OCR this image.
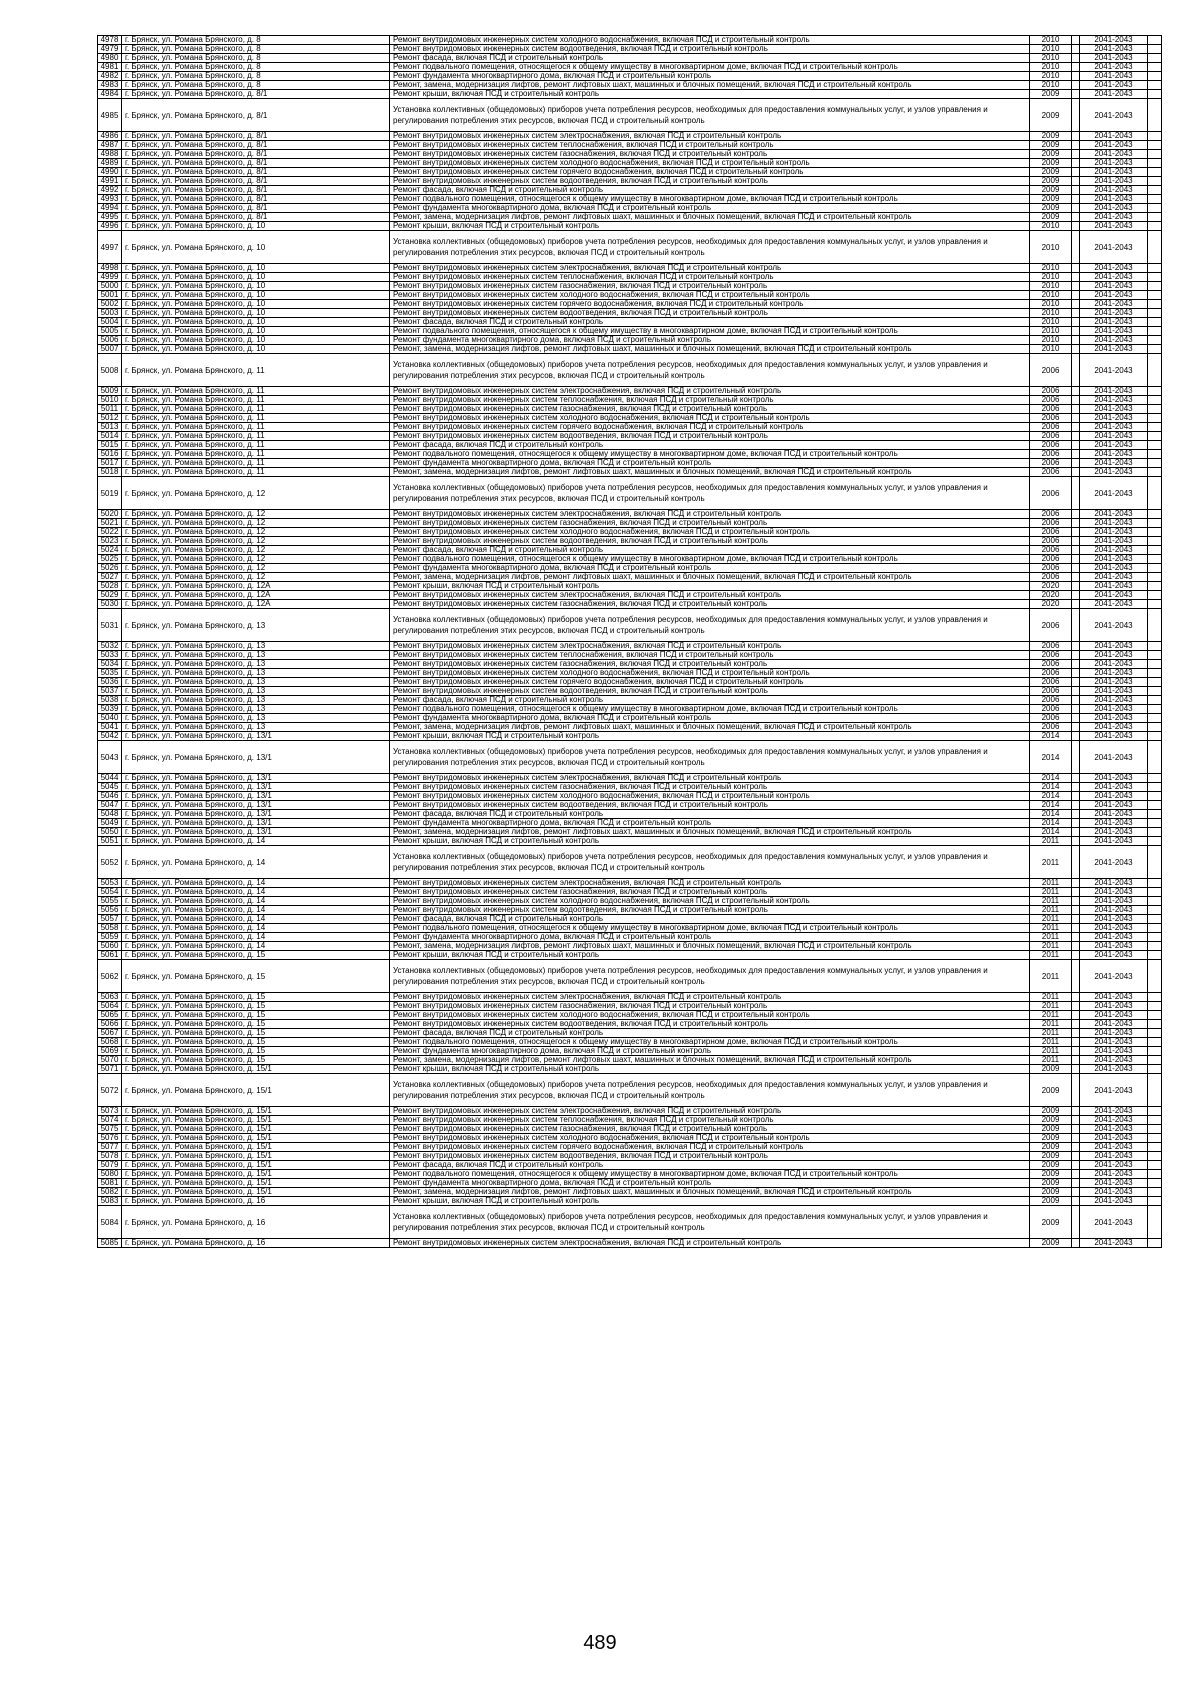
4978	г. Брянск, ул. Романа Брянского, д. 8	Ремонт внутридомовых инженерных систем холодного водоснабжения, включая ПСД и строительный контроль	2010		2041-2043	
4979	г. Брянск, ул. Романа Брянского, д. 8	Ремонт внутридомовых инженерных систем водоотведения, включая ПСД и строительный контроль	2010		2041-2043	
4980	г. Брянск, ул. Романа Брянского, д. 8	Ремонт фасада, включая ПСД и строительный контроль	2010		2041-2043	
4981	г. Брянск, ул. Романа Брянского, д. 8	Ремонт подвального помещения, относящегося к общему имуществу в многоквартирном доме, включая ПСД и строительный контроль	2010		2041-2043	
4982	г. Брянск, ул. Романа Брянского, д. 8	Ремонт фундамента многоквартирного дома, включая ПСД и строительный контроль	2010		2041-2043	
4983	г. Брянск, ул. Романа Брянского, д. 8	Ремонт, замена, модернизация лифтов, ремонт лифтовых шахт, машинных и блочных помещений, включая ПСД и строительный контроль	2010		2041-2043	
4984	г. Брянск, ул. Романа Брянского, д. 8/1	Ремонт крыши, включая ПСД и строительный контроль	2009		2041-2043	
4985	г. Брянск, ул. Романа Брянского, д. 8/1	Установка коллективных (общедомовых) приборов учета потребления ресурсов, необходимых для предоставления коммунальных услуг, и узлов управления и регулирования потребления этих ресурсов, включая ПСД и строительный контроль	2009		2041-2043	
4986	г. Брянск, ул. Романа Брянского, д. 8/1	Ремонт внутридомовых инженерных систем электроснабжения, включая ПСД и строительный контроль	2009		2041-2043	
4987	г. Брянск, ул. Романа Брянского, д. 8/1	Ремонт внутридомовых инженерных систем теплоснабжения, включая ПСД и строительный контроль	2009		2041-2043	
4988	г. Брянск, ул. Романа Брянского, д. 8/1	Ремонт внутридомовых инженерных систем газоснабжения, включая ПСД и строительный контроль	2009		2041-2043	
4989	г. Брянск, ул. Романа Брянского, д. 8/1	Ремонт внутридомовых инженерных систем холодного водоснабжения, включая ПСД и строительный контроль	2009		2041-2043	
4990	г. Брянск, ул. Романа Брянского, д. 8/1	Ремонт внутридомовых инженерных систем горячего водоснабжения, включая ПСД и строительный контроль	2009		2041-2043	
4991	г. Брянск, ул. Романа Брянского, д. 8/1	Ремонт внутридомовых инженерных систем водоотведения, включая ПСД и строительный контроль	2009		2041-2043	
4992	г. Брянск, ул. Романа Брянского, д. 8/1	Ремонт фасада, включая ПСД и строительный контроль	2009		2041-2043	
4993	г. Брянск, ул. Романа Брянского, д. 8/1	Ремонт подвального помещения, относящегося к общему имуществу в многоквартирном доме, включая ПСД и строительный контроль	2009		2041-2043	
4994	г. Брянск, ул. Романа Брянского, д. 8/1	Ремонт фундамента многоквартирного дома, включая ПСД и строительный контроль	2009		2041-2043	
4995	г. Брянск, ул. Романа Брянского, д. 8/1	Ремонт, замена, модернизация лифтов, ремонт лифтовых шахт, машинных и блочных помещений, включая ПСД и строительный контроль	2009		2041-2043	
4996	г. Брянск, ул. Романа Брянского, д. 10	Ремонт крыши, включая ПСД и строительный контроль	2010		2041-2043	
4997	г. Брянск, ул. Романа Брянского, д. 10	Установка коллективных (общедомовых) приборов учета потребления ресурсов, необходимых для предоставления коммунальных услуг, и узлов управления и регулирования потребления этих ресурсов, включая ПСД и строительный контроль	2010		2041-2043	
4998	г. Брянск, ул. Романа Брянского, д. 10	Ремонт внутридомовых инженерных систем электроснабжения, включая ПСД и строительный контроль	2010		2041-2043	
4999	г. Брянск, ул. Романа Брянского, д. 10	Ремонт внутридомовых инженерных систем теплоснабжения, включая ПСД и строительный контроль	2010		2041-2043	
5000	г. Брянск, ул. Романа Брянского, д. 10	Ремонт внутридомовых инженерных систем газоснабжения, включая ПСД и строительный контроль	2010		2041-2043	
5001	г. Брянск, ул. Романа Брянского, д. 10	Ремонт внутридомовых инженерных систем холодного водоснабжения, включая ПСД и строительный контроль	2010		2041-2043	
5002	г. Брянск, ул. Романа Брянского, д. 10	Ремонт внутридомовых инженерных систем горячего водоснабжения, включая ПСД и строительный контроль	2010		2041-2043	
5003	г. Брянск, ул. Романа Брянского, д. 10	Ремонт внутридомовых инженерных систем водоотведения, включая ПСД и строительный контроль	2010		2041-2043	
5004	г. Брянск, ул. Романа Брянского, д. 10	Ремонт фасада, включая ПСД и строительный контроль	2010		2041-2043	
5005	г. Брянск, ул. Романа Брянского, д. 10	Ремонт подвального помещения, относящегося к общему имуществу в многоквартирном доме, включая ПСД и строительный контроль	2010		2041-2043	
5006	г. Брянск, ул. Романа Брянского, д. 10	Ремонт фундамента многоквартирного дома, включая ПСД и строительный контроль	2010		2041-2043	
5007	г. Брянск, ул. Романа Брянского, д. 10	Ремонт, замена, модернизация лифтов, ремонт лифтовых шахт, машинных и блочных помещений, включая ПСД и строительный контроль	2010		2041-2043	
5008	г. Брянск, ул. Романа Брянского, д. 11	Установка коллективных (общедомовых) приборов учета потребления ресурсов, необходимых для предоставления коммунальных услуг, и узлов управления и регулирования потребления этих ресурсов, включая ПСД и строительный контроль	2006		2041-2043	
5009	г. Брянск, ул. Романа Брянского, д. 11	Ремонт внутридомовых инженерных систем электроснабжения, включая ПСД и строительный контроль	2006		2041-2043	
5010	г. Брянск, ул. Романа Брянского, д. 11	Ремонт внутридомовых инженерных систем теплоснабжения, включая ПСД и строительный контроль	2006		2041-2043	
5011	г. Брянск, ул. Романа Брянского, д. 11	Ремонт внутридомовых инженерных систем газоснабжения, включая ПСД и строительный контроль	2006		2041-2043	
5012	г. Брянск, ул. Романа Брянского, д. 11	Ремонт внутридомовых инженерных систем холодного водоснабжения, включая ПСД и строительный контроль	2006		2041-2043	
5013	г. Брянск, ул. Романа Брянского, д. 11	Ремонт внутридомовых инженерных систем горячего водоснабжения, включая ПСД и строительный контроль	2006		2041-2043	
5014	г. Брянск, ул. Романа Брянского, д. 11	Ремонт внутридомовых инженерных систем водоотведения, включая ПСД и строительный контроль	2006		2041-2043	
5015	г. Брянск, ул. Романа Брянского, д. 11	Ремонт фасада, включая ПСД и строительный контроль	2006		2041-2043	
5016	г. Брянск, ул. Романа Брянского, д. 11	Ремонт подвального помещения, относящегося к общему имуществу в многоквартирном доме, включая ПСД и строительный контроль	2006		2041-2043	
5017	г. Брянск, ул. Романа Брянского, д. 11	Ремонт фундамента многоквартирного дома, включая ПСД и строительный контроль	2006		2041-2043	
5018	г. Брянск, ул. Романа Брянского, д. 11	Ремонт, замена, модернизация лифтов, ремонт лифтовых шахт, машинных и блочных помещений, включая ПСД и строительный контроль	2006		2041-2043	
5019	г. Брянск, ул. Романа Брянского, д. 12	Установка коллективных (общедомовых) приборов учета потребления ресурсов, необходимых для предоставления коммунальных услуг, и узлов управления и регулирования потребления этих ресурсов, включая ПСД и строительный контроль	2006		2041-2043	
5020	г. Брянск, ул. Романа Брянского, д. 12	Ремонт внутридомовых инженерных систем электроснабжения, включая ПСД и строительный контроль	2006		2041-2043	
5021	г. Брянск, ул. Романа Брянского, д. 12	Ремонт внутридомовых инженерных систем газоснабжения, включая ПСД и строительный контроль	2006		2041-2043	
5022	г. Брянск, ул. Романа Брянского, д. 12	Ремонт внутридомовых инженерных систем холодного водоснабжения, включая ПСД и строительный контроль	2006		2041-2043	
5023	г. Брянск, ул. Романа Брянского, д. 12	Ремонт внутридомовых инженерных систем водоотведения, включая ПСД и строительный контроль	2006		2041-2043	
5024	г. Брянск, ул. Романа Брянского, д. 12	Ремонт фасада, включая ПСД и строительный контроль	2006		2041-2043	
5025	г. Брянск, ул. Романа Брянского, д. 12	Ремонт подвального помещения, относящегося к общему имуществу в многоквартирном доме, включая ПСД и строительный контроль	2006		2041-2043	
5026	г. Брянск, ул. Романа Брянского, д. 12	Ремонт фундамента многоквартирного дома, включая ПСД и строительный контроль	2006		2041-2043	
5027	г. Брянск, ул. Романа Брянского, д. 12	Ремонт, замена, модернизация лифтов, ремонт лифтовых шахт, машинных и блочных помещений, включая ПСД и строительный контроль	2006		2041-2043	
5028	г. Брянск, ул. Романа Брянского, д. 12А	Ремонт крыши, включая ПСД и строительный контроль	2020		2041-2043	
5029	г. Брянск, ул. Романа Брянского, д. 12А	Ремонт внутридомовых инженерных систем электроснабжения, включая ПСД и строительный контроль	2020		2041-2043	
5030	г. Брянск, ул. Романа Брянского, д. 12А	Ремонт внутридомовых инженерных систем газоснабжения, включая ПСД и строительный контроль	2020		2041-2043	
5031	г. Брянск, ул. Романа Брянского, д. 13	Установка коллективных (общедомовых) приборов учета потребления ресурсов, необходимых для предоставления коммунальных услуг, и узлов управления и регулирования потребления этих ресурсов, включая ПСД и строительный контроль	2006		2041-2043	
5032	г. Брянск, ул. Романа Брянского, д. 13	Ремонт внутридомовых инженерных систем электроснабжения, включая ПСД и строительный контроль	2006		2041-2043	
5033	г. Брянск, ул. Романа Брянского, д. 13	Ремонт внутридомовых инженерных систем теплоснабжения, включая ПСД и строительный контроль	2006		2041-2043	
5034	г. Брянск, ул. Романа Брянского, д. 13	Ремонт внутридомовых инженерных систем газоснабжения, включая ПСД и строительный контроль	2006		2041-2043	
5035	г. Брянск, ул. Романа Брянского, д. 13	Ремонт внутридомовых инженерных систем холодного водоснабжения, включая ПСД и строительный контроль	2006		2041-2043	
5036	г. Брянск, ул. Романа Брянского, д. 13	Ремонт внутридомовых инженерных систем горячего водоснабжения, включая ПСД и строительный контроль	2006		2041-2043	
5037	г. Брянск, ул. Романа Брянского, д. 13	Ремонт внутридомовых инженерных систем водоотведения, включая ПСД и строительный контроль	2006		2041-2043	
5038	г. Брянск, ул. Романа Брянского, д. 13	Ремонт фасада, включая ПСД и строительный контроль	2006		2041-2043	
5039	г. Брянск, ул. Романа Брянского, д. 13	Ремонт подвального помещения, относящегося к общему имуществу в многоквартирном доме, включая ПСД и строительный контроль	2006		2041-2043	
5040	г. Брянск, ул. Романа Брянского, д. 13	Ремонт фундамента многоквартирного дома, включая ПСД и строительный контроль	2006		2041-2043	
5041	г. Брянск, ул. Романа Брянского, д. 13	Ремонт, замена, модернизация лифтов, ремонт лифтовых шахт, машинных и блочных помещений, включая ПСД и строительный контроль	2006		2041-2043	
5042	г. Брянск, ул. Романа Брянского, д. 13/1	Ремонт крыши, включая ПСД и строительный контроль	2014		2041-2043	
5043	г. Брянск, ул. Романа Брянского, д. 13/1	Установка коллективных (общедомовых) приборов учета потребления ресурсов, необходимых для предоставления коммунальных услуг, и узлов управления и регулирования потребления этих ресурсов, включая ПСД и строительный контроль	2014		2041-2043	
5044	г. Брянск, ул. Романа Брянского, д. 13/1	Ремонт внутридомовых инженерных систем электроснабжения, включая ПСД и строительный контроль	2014		2041-2043	
5045	г. Брянск, ул. Романа Брянского, д. 13/1	Ремонт внутридомовых инженерных систем газоснабжения, включая ПСД и строительный контроль	2014		2041-2043	
5046	г. Брянск, ул. Романа Брянского, д. 13/1	Ремонт внутридомовых инженерных систем холодного водоснабжения, включая ПСД и строительный контроль	2014		2041-2043	
5047	г. Брянск, ул. Романа Брянского, д. 13/1	Ремонт внутридомовых инженерных систем водоотведения, включая ПСД и строительный контроль	2014		2041-2043	
5048	г. Брянск, ул. Романа Брянского, д. 13/1	Ремонт фасада, включая ПСД и строительный контроль	2014		2041-2043	
5049	г. Брянск, ул. Романа Брянского, д. 13/1	Ремонт фундамента многоквартирного дома, включая ПСД и строительный контроль	2014		2041-2043	
5050	г. Брянск, ул. Романа Брянского, д. 13/1	Ремонт, замена, модернизация лифтов, ремонт лифтовых шахт, машинных и блочных помещений, включая ПСД и строительный контроль	2014		2041-2043	
5051	г. Брянск, ул. Романа Брянского, д. 14	Ремонт крыши, включая ПСД и строительный контроль	2011		2041-2043	
5052	г. Брянск, ул. Романа Брянского, д. 14	Установка коллективных (общедомовых) приборов учета потребления ресурсов, необходимых для предоставления коммунальных услуг, и узлов управления и регулирования потребления этих ресурсов, включая ПСД и строительный контроль	2011		2041-2043	
5053	г. Брянск, ул. Романа Брянского, д. 14	Ремонт внутридомовых инженерных систем электроснабжения, включая ПСД и строительный контроль	2011		2041-2043	
5054	г. Брянск, ул. Романа Брянского, д. 14	Ремонт внутридомовых инженерных систем газоснабжения, включая ПСД и строительный контроль	2011		2041-2043	
5055	г. Брянск, ул. Романа Брянского, д. 14	Ремонт внутридомовых инженерных систем холодного водоснабжения, включая ПСД и строительный контроль	2011		2041-2043	
5056	г. Брянск, ул. Романа Брянского, д. 14	Ремонт внутридомовых инженерных систем водоотведения, включая ПСД и строительный контроль	2011		2041-2043	
5057	г. Брянск, ул. Романа Брянского, д. 14	Ремонт фасада, включая ПСД и строительный контроль	2011		2041-2043	
5058	г. Брянск, ул. Романа Брянского, д. 14	Ремонт подвального помещения, относящегося к общему имуществу в многоквартирном доме, включая ПСД и строительный контроль	2011		2041-2043	
5059	г. Брянск, ул. Романа Брянского, д. 14	Ремонт фундамента многоквартирного дома, включая ПСД и строительный контроль	2011		2041-2043	
5060	г. Брянск, ул. Романа Брянского, д. 14	Ремонт, замена, модернизация лифтов, ремонт лифтовых шахт, машинных и блочных помещений, включая ПСД и строительный контроль	2011		2041-2043	
5061	г. Брянск, ул. Романа Брянского, д. 15	Ремонт крыши, включая ПСД и строительный контроль	2011		2041-2043	
5062	г. Брянск, ул. Романа Брянского, д. 15	Установка коллективных (общедомовых) приборов учета потребления ресурсов, необходимых для предоставления коммунальных услуг, и узлов управления и регулирования потребления этих ресурсов, включая ПСД и строительный контроль	2011		2041-2043	
5063	г. Брянск, ул. Романа Брянского, д. 15	Ремонт внутридомовых инженерных систем электроснабжения, включая ПСД и строительный контроль	2011		2041-2043	
5064	г. Брянск, ул. Романа Брянского, д. 15	Ремонт внутридомовых инженерных систем газоснабжения, включая ПСД и строительный контроль	2011		2041-2043	
5065	г. Брянск, ул. Романа Брянского, д. 15	Ремонт внутридомовых инженерных систем холодного водоснабжения, включая ПСД и строительный контроль	2011		2041-2043	
5066	г. Брянск, ул. Романа Брянского, д. 15	Ремонт внутридомовых инженерных систем водоотведения, включая ПСД и строительный контроль	2011		2041-2043	
5067	г. Брянск, ул. Романа Брянского, д. 15	Ремонт фасада, включая ПСД и строительный контроль	2011		2041-2043	
5068	г. Брянск, ул. Романа Брянского, д. 15	Ремонт подвального помещения, относящегося к общему имуществу в многоквартирном доме, включая ПСД и строительный контроль	2011		2041-2043	
5069	г. Брянск, ул. Романа Брянского, д. 15	Ремонт фундамента многоквартирного дома, включая ПСД и строительный контроль	2011		2041-2043	
5070	г. Брянск, ул. Романа Брянского, д. 15	Ремонт, замена, модернизация лифтов, ремонт лифтовых шахт, машинных и блочных помещений, включая ПСД и строительный контроль	2011		2041-2043	
5071	г. Брянск, ул. Романа Брянского, д. 15/1	Ремонт крыши, включая ПСД и строительный контроль	2009		2041-2043	
5072	г. Брянск, ул. Романа Брянского, д. 15/1	Установка коллективных (общедомовых) приборов учета потребления ресурсов, необходимых для предоставления коммунальных услуг, и узлов управления и регулирования потребления этих ресурсов, включая ПСД и строительный контроль	2009		2041-2043	
5073	г. Брянск, ул. Романа Брянского, д. 15/1	Ремонт внутридомовых инженерных систем электроснабжения, включая ПСД и строительный контроль	2009		2041-2043	
5074	г. Брянск, ул. Романа Брянского, д. 15/1	Ремонт внутридомовых инженерных систем теплоснабжения, включая ПСД и строительный контроль	2009		2041-2043	
5075	г. Брянск, ул. Романа Брянского, д. 15/1	Ремонт внутридомовых инженерных систем газоснабжения, включая ПСД и строительный контроль	2009		2041-2043	
5076	г. Брянск, ул. Романа Брянского, д. 15/1	Ремонт внутридомовых инженерных систем холодного водоснабжения, включая ПСД и строительный контроль	2009		2041-2043	
5077	г. Брянск, ул. Романа Брянского, д. 15/1	Ремонт внутридомовых инженерных систем горячего водоснабжения, включая ПСД и строительный контроль	2009		2041-2043	
5078	г. Брянск, ул. Романа Брянского, д. 15/1	Ремонт внутридомовых инженерных систем водоотведения, включая ПСД и строительный контроль	2009		2041-2043	
5079	г. Брянск, ул. Романа Брянского, д. 15/1	Ремонт фасада, включая ПСД и строительный контроль	2009		2041-2043	
5080	г. Брянск, ул. Романа Брянского, д. 15/1	Ремонт подвального помещения, относящегося к общему имуществу в многоквартирном доме, включая ПСД и строительный контроль	2009		2041-2043	
5081	г. Брянск, ул. Романа Брянского, д. 15/1	Ремонт фундамента многоквартирного дома, включая ПСД и строительный контроль	2009		2041-2043	
5082	г. Брянск, ул. Романа Брянского, д. 15/1	Ремонт, замена, модернизация лифтов, ремонт лифтовых шахт, машинных и блочных помещений, включая ПСД и строительный контроль	2009		2041-2043	
5083	г. Брянск, ул. Романа Брянского, д. 16	Ремонт крыши, включая ПСД и строительный контроль	2009		2041-2043	
5084	г. Брянск, ул. Романа Брянского, д. 16	Установка коллективных (общедомовых) приборов учета потребления ресурсов, необходимых для предоставления коммунальных услуг, и узлов управления и регулирования потребления этих ресурсов, включая ПСД и строительный контроль	2009		2041-2043	
5085	г. Брянск, ул. Романа Брянского, д. 16	Ремонт внутридомовых инженерных систем электроснабжения, включая ПСД и строительный контроль	2009		2041-2043	
489
